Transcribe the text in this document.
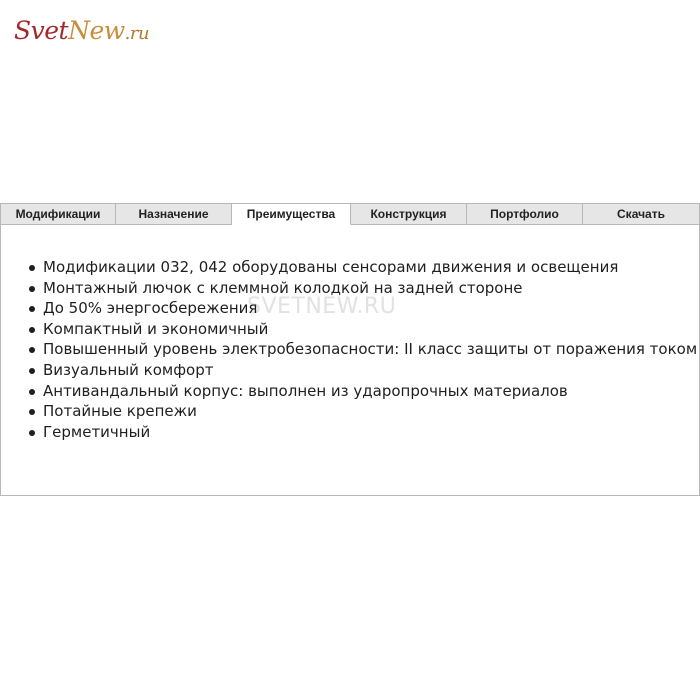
SvetNew.ru
Модификации	Назначение	Преимущества	Конструкция	Портфолио	Скачать
SVETNEW.RU
Модификации 032, 042 оборудованы сенсорами движения и освещения
Монтажный лючок с клеммной колодкой на задней стороне
До 50% энергосбережения
Компактный и экономичный
Повышенный уровень электробезопасности: II класс защиты от поражения током
Визуальный комфорт
Антивандальный корпус: выполнен из ударопрочных материалов
Потайные крепежи
Герметичный
